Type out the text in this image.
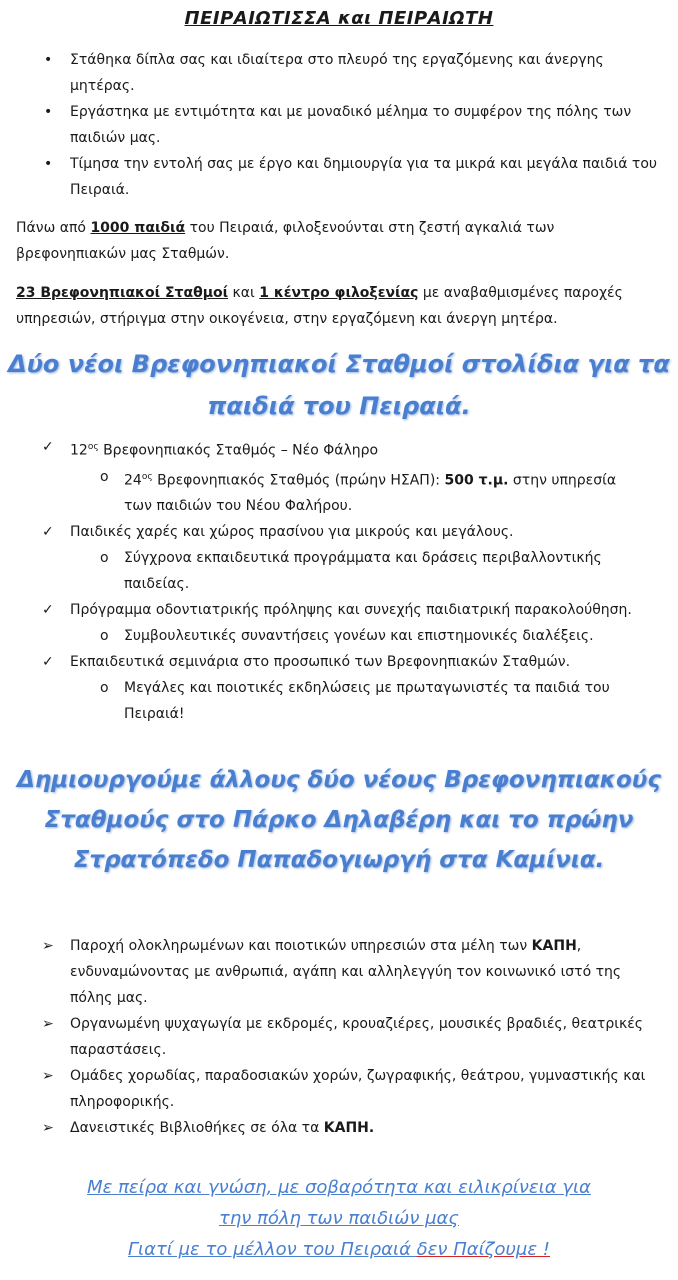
ΠΕΙΡΑΙΩΤΙΣΣΑ και ΠΕΙΡΑΙΩΤΗ
• Στάθηκα δίπλα σας και ιδιαίτερα στο πλευρό της εργαζόμενης και άνεργης μητέρας.
• Εργάστηκα με εντιμότητα και με μοναδικό μέλημα το συμφέρον της πόλης των παιδιών μας.
• Τίμησα την εντολή σας με έργο και δημιουργία για τα μικρά και μεγάλα παιδιά του Πειραιά.
Πάνω από 1000 παιδιά του Πειραιά, φιλοξενούνται στη ζεστή αγκαλιά των βρεφονηπιακών μας Σταθμών.
23 Βρεφονηπιακοί Σταθμοί και 1 κέντρο φιλοξενίας με αναβαθμισμένες παροχές υπηρεσιών, στήριγμα στην οικογένεια, στην εργαζόμενη και άνεργη μητέρα.
Δύο νέοι Βρεφονηπιακοί Σταθμοί στολίδια για τα παιδιά του Πειραιά.
✓ $12^{o\varsigma}$ Βρεφονηπιακός Σταθμός – Νέο Φάληρο
o $24^{o\varsigma}$ Βρεφονηπιακός Σταθμός (πρώην ΗΣΑΠ): 500 τ.μ. στην υπηρεσία των παιδιών του Νέου Φαλήρου.
✓ Παιδικές χαρές και χώρος πρασίνου για μικρούς και μεγάλους.
o Σύγχρονα εκπαιδευτικά προγράμματα και δράσεις περιβαλλοντικής παιδείας.
✓ Πρόγραμμα οδοντιατρικής πρόληψης και συνεχής παιδιατρική παρακολούθηση.
o Συμβουλευτικές συναντήσεις γονέων και επιστημονικές διαλέξεις.
✓ Εκπαιδευτικά σεμινάρια στο προσωπικό των Βρεφονηπιακών Σταθμών.
o Μεγάλες και ποιοτικές εκδηλώσεις με πρωταγωνιστές τα παιδιά του Πειραιά!
Δημιουργούμε άλλους δύο νέους Βρεφονηπιακούς Σταθμούς στο Πάρκο Δηλαβέρη και το πρώην Στρατόπεδο Παπαδογιωργή στα Καμίνια.
➢ Παροχή ολοκληρωμένων και ποιοτικών υπηρεσιών στα μέλη των ΚΑΠΗ, ενδυναμώνοντας με ανθρωπιά, αγάπη και αλληλεγγύη τον κοινωνικό ιστό της πόλης μας.
➢ Οργανωμένη ψυχαγωγία με εκδρομές, κρουαζιέρες, μουσικές βραδιές, θεατρικές παραστάσεις.
➢ Ομάδες χορωδίας, παραδοσιακών χορών, ζωγραφικής, θεάτρου, γυμναστικής και πληροφορικής.
➢ Δανειστικές Βιβλιοθήκες σε όλα τα ΚΑΠΗ.
Με πείρα και γνώση, με σοβαρότητα και ειλικρίνεια για
την πόλη των παιδιών μας
Γιατί με το μέλλον του Πειραιά δεν Παίζουμε !
